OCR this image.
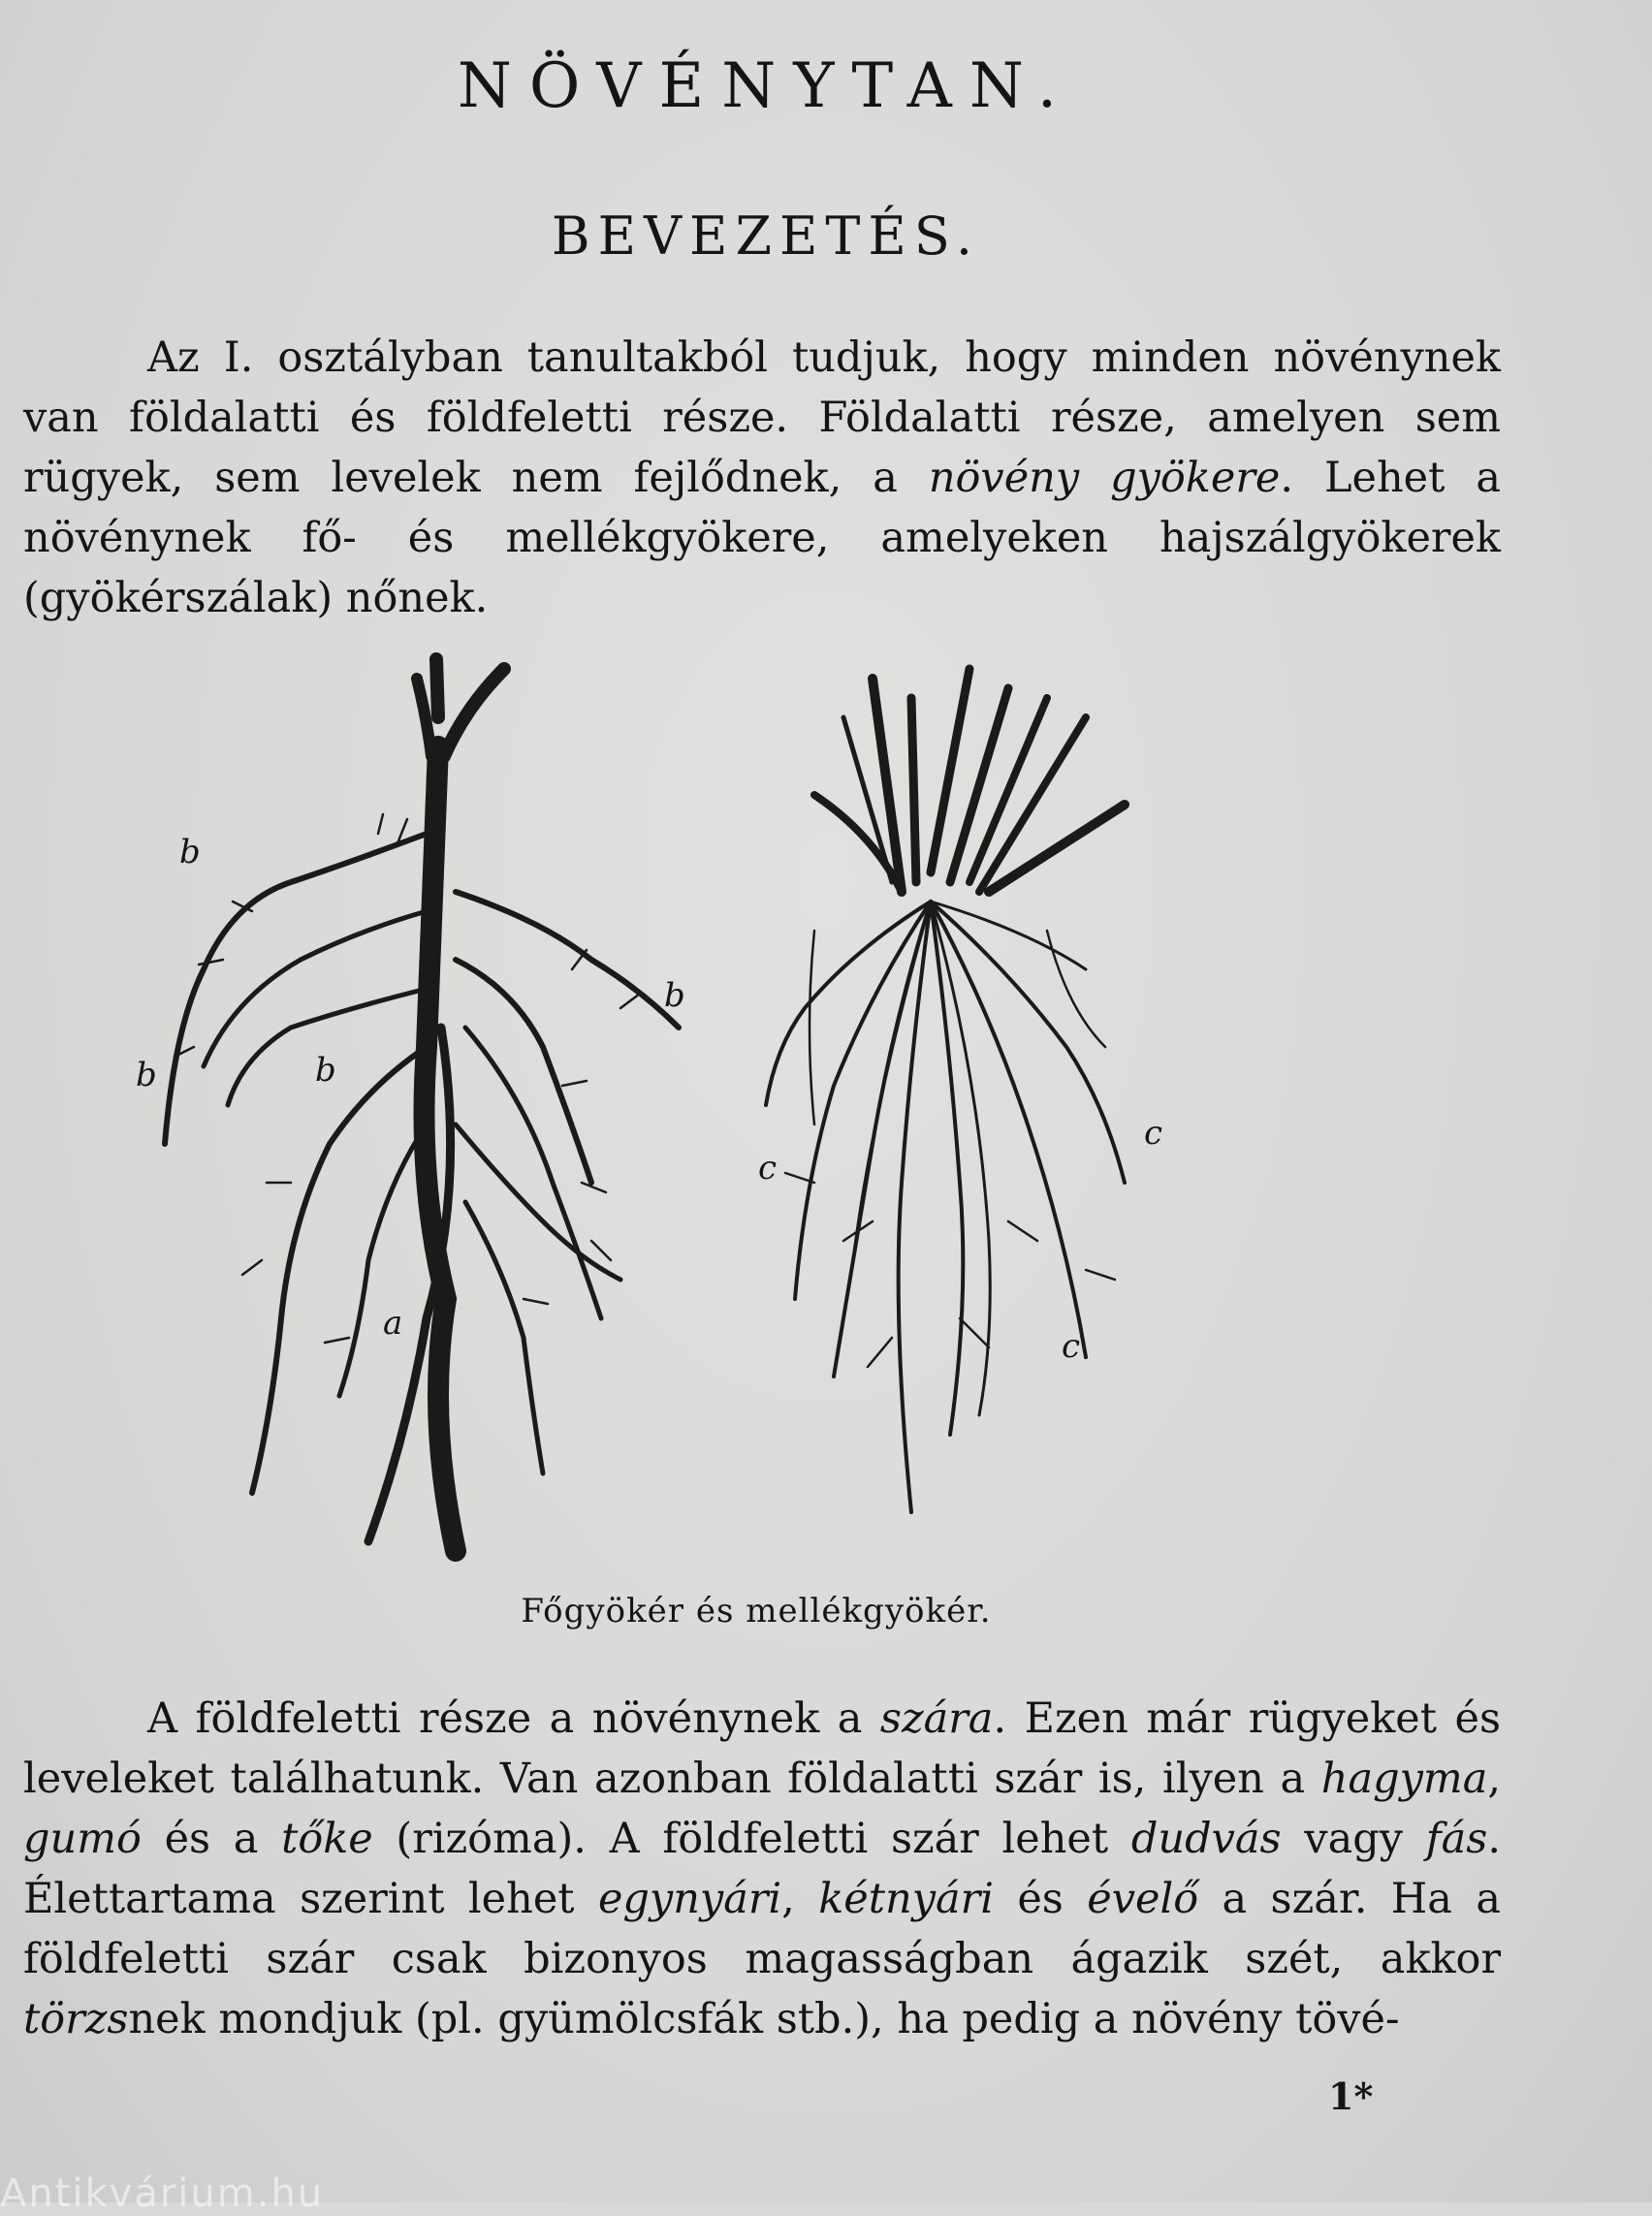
NÖVÉNYTAN.
BEVEZETÉS.
Az I. osztályban tanultakból tudjuk, hogy minden növénynek van földalatti és földfeletti része. Földalatti része, amelyen sem rügyek, sem levelek nem fejlődnek, a növény gyökere. Lehet a növénynek fő- és mellékgyökere, amelyeken hajszálgyökerek (gyökérszálak) nőnek.
b
b
b	b
a
c
c
c
Főgyökér és mellékgyökér.
A földfeletti része a növénynek a szára. Ezen már rügyeket és leveleket találhatunk. Van azonban földalatti szár is, ilyen a hagyma, gumó és a tőke (rizóma). A földfeletti szár lehet dudvás vagy fás. Élettartama szerint lehet egynyári, kétnyári és évelő a szár. Ha a földfeletti szár csak bizonyos magasságban ágazik szét, akkor törzsnek mondjuk (pl. gyümölcsfák stb.), ha pedig a növény tövé-
1*
Antikvárium.hu
